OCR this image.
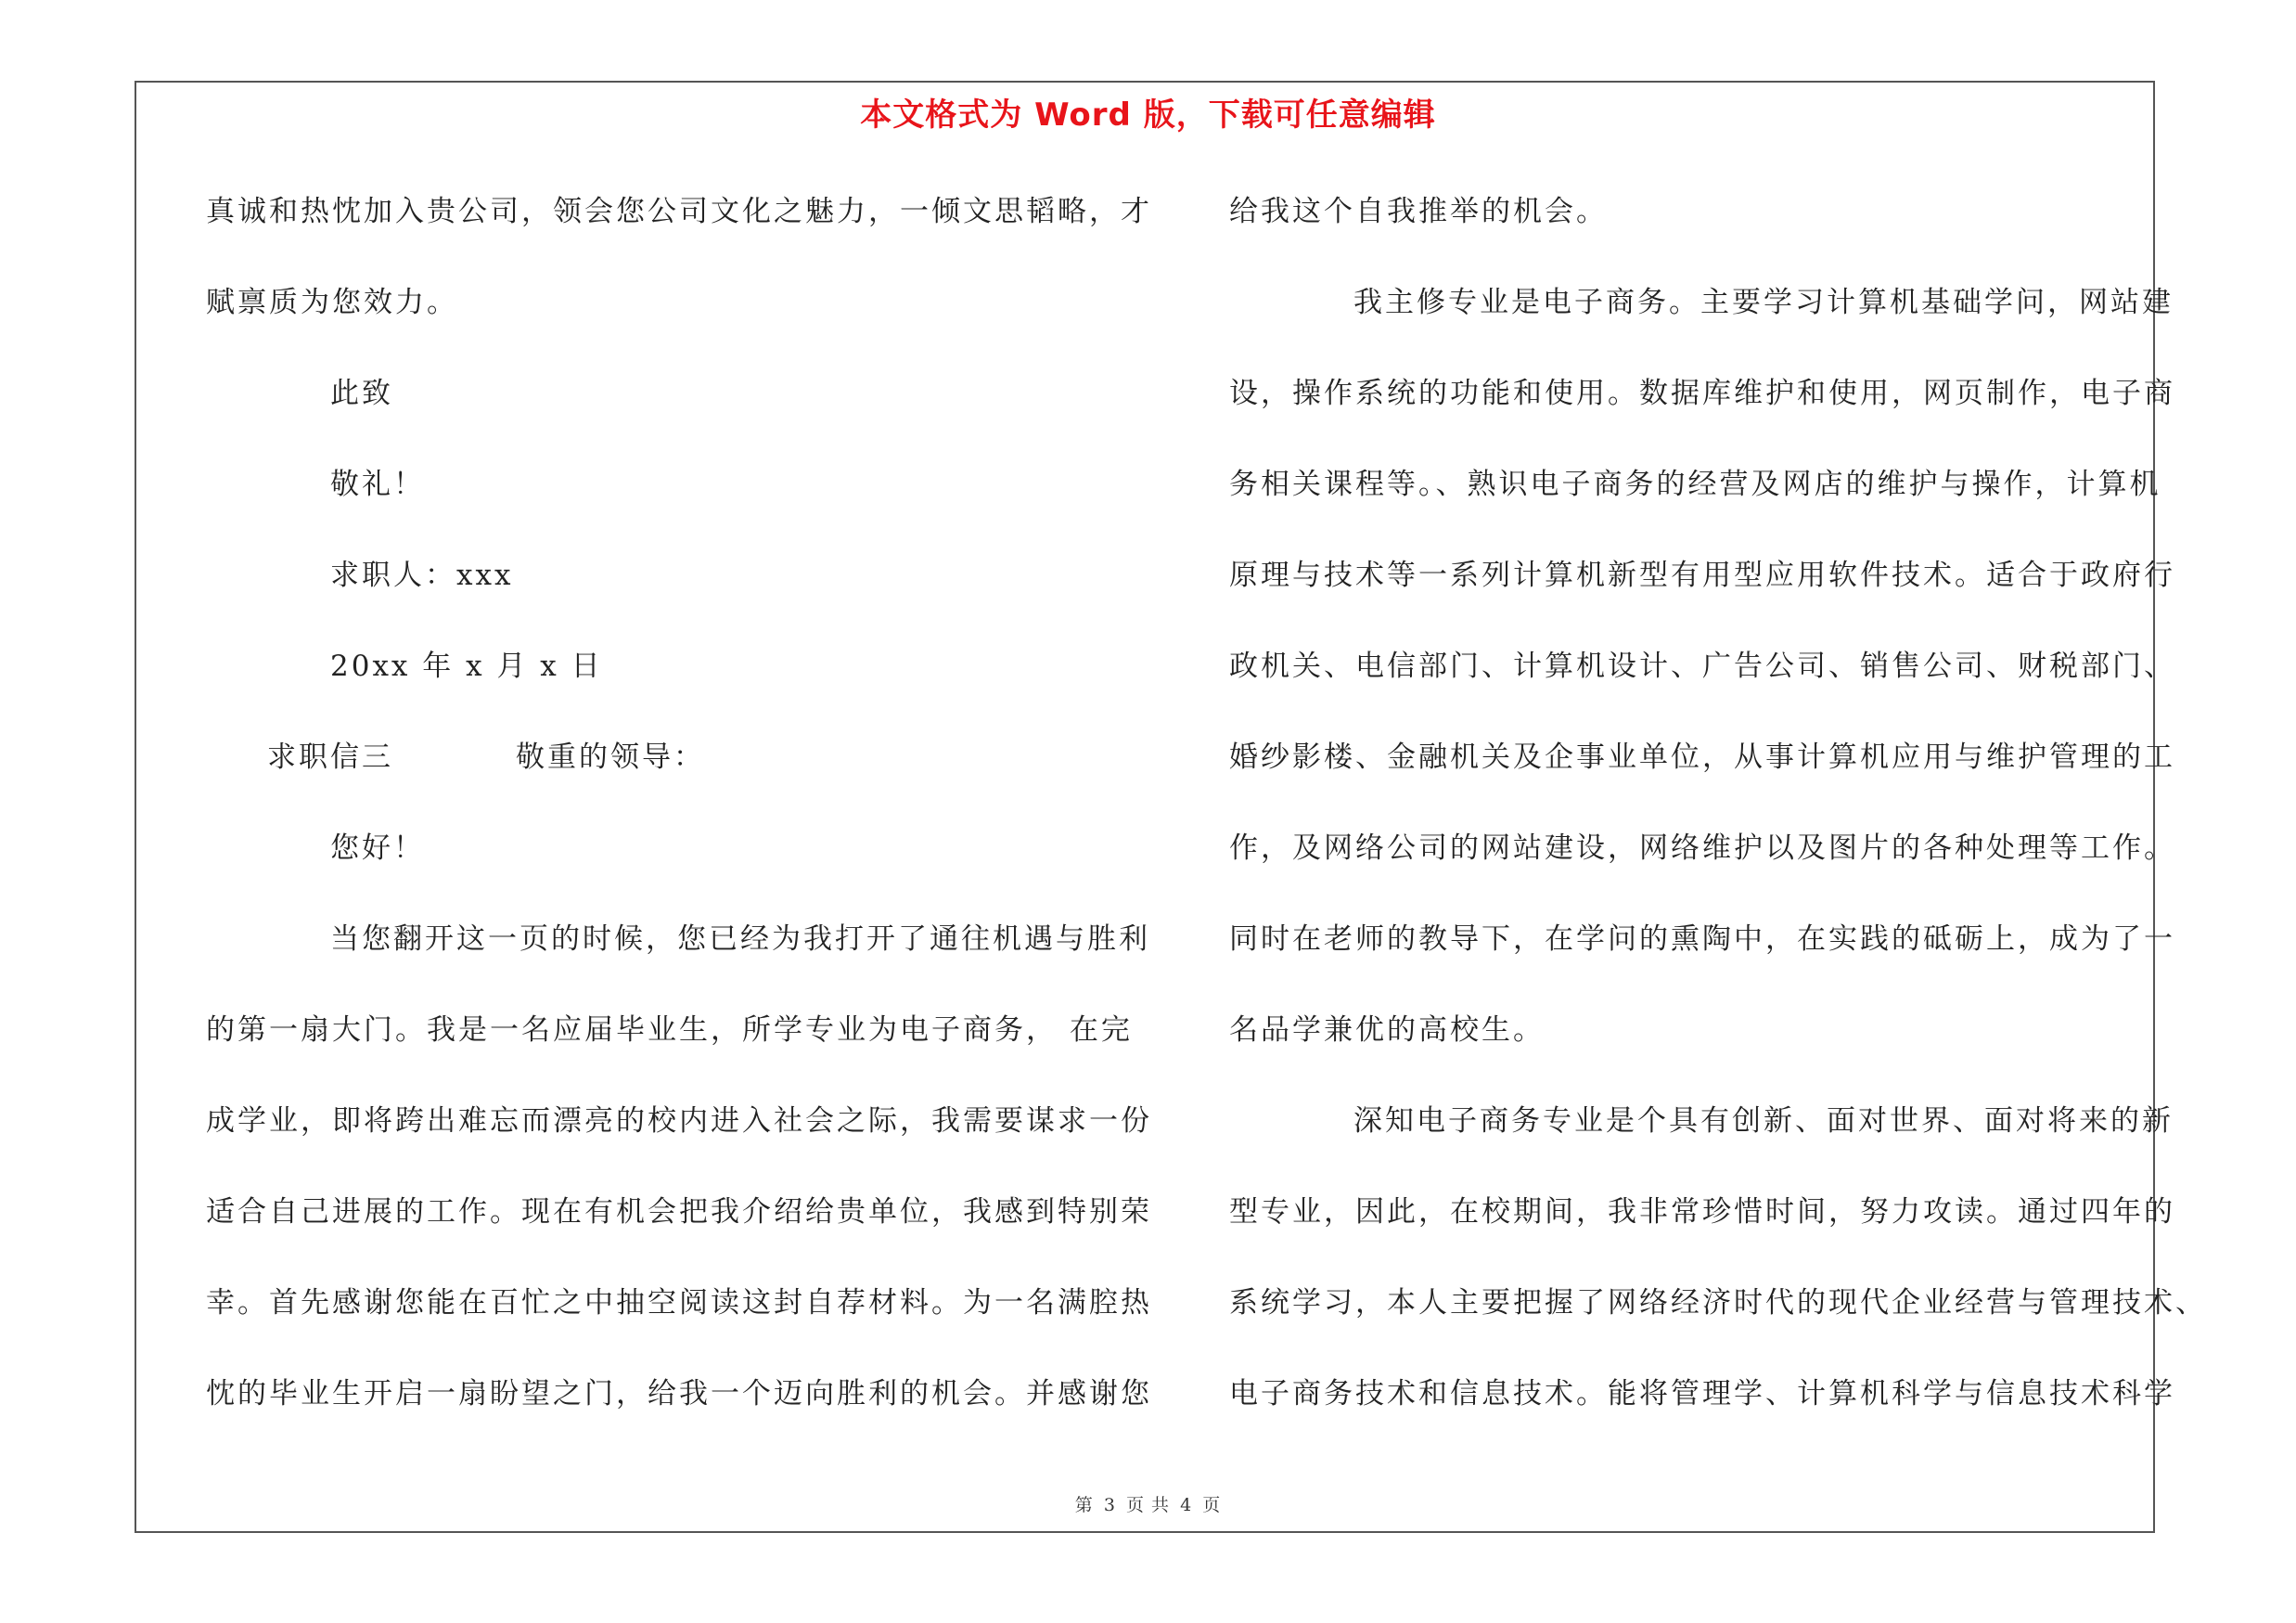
本文格式为 Word 版，下载可任意编辑
真诚和热忱加入贵公司，领会您公司文化之魅力，一倾文思韬略，才
赋禀质为您效力。
此致
敬礼！
求职人：xxx
20xx 年 x 月 x 日
求职信三	敬重的领导：
您好！
当您翻开这一页的时候，您已经为我打开了通往机遇与胜利
的第一扇大门。我是一名应届毕业生，所学专业为电子商务， 在完
成学业，即将跨出难忘而漂亮的校内进入社会之际，我需要谋求一份
适合自己进展的工作。现在有机会把我介绍给贵单位，我感到特别荣
幸。首先感谢您能在百忙之中抽空阅读这封自荐材料。为一名满腔热
忱的毕业生开启一扇盼望之门，给我一个迈向胜利的机会。并感谢您
给我这个自我推举的机会。
我主修专业是电子商务。主要学习计算机基础学问，网站建
设，操作系统的功能和使用。数据库维护和使用，网页制作，电子商
务相关课程等。、熟识电子商务的经营及网店的维护与操作，计算机
原理与技术等一系列计算机新型有用型应用软件技术。适合于政府行
政机关、电信部门、计算机设计、广告公司、销售公司、财税部门、
婚纱影楼、金融机关及企事业单位，从事计算机应用与维护管理的工
作，及网络公司的网站建设，网络维护以及图片的各种处理等工作。
同时在老师的教导下，在学问的熏陶中，在实践的砥砺上，成为了一
名品学兼优的高校生。
深知电子商务专业是个具有创新、面对世界、面对将来的新
型专业，因此，在校期间，我非常珍惜时间，努力攻读。通过四年的
系统学习，本人主要把握了网络经济时代的现代企业经营与管理技术、
电子商务技术和信息技术。能将管理学、计算机科学与信息技术科学
第 3 页 共 4 页
